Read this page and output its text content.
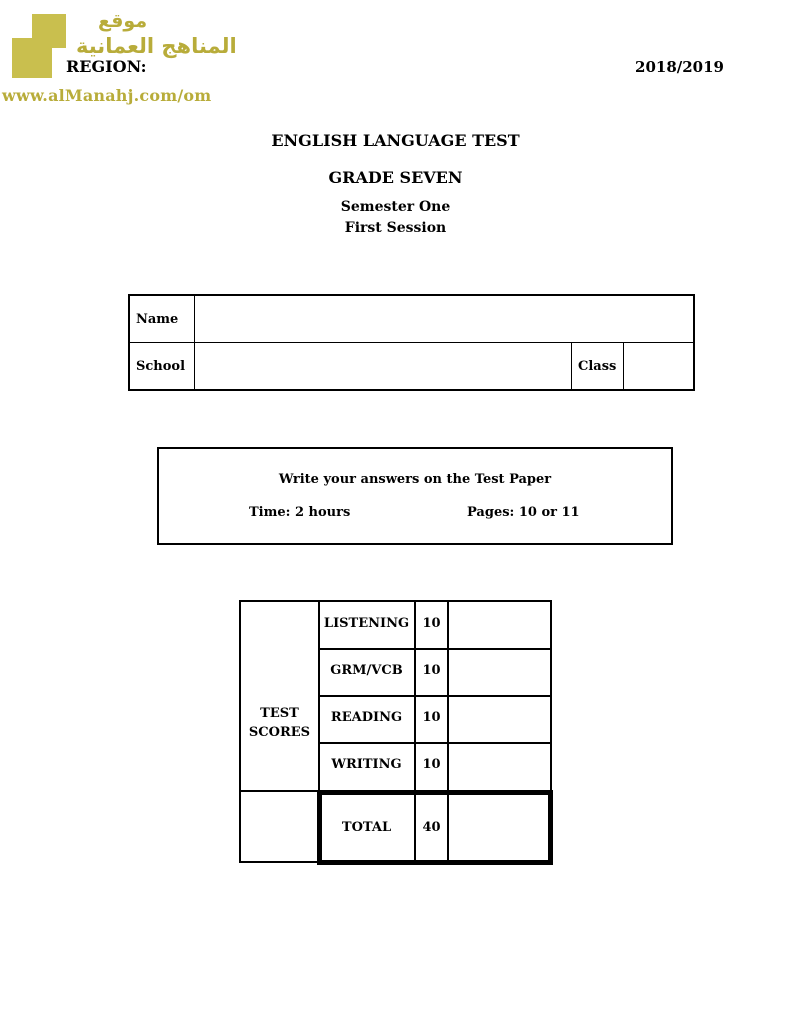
موقع
المناهج العمانية
www.alManahj.com/om
REGION:	2018/2019
ENGLISH LANGUAGE TEST
GRADE SEVEN
Semester One
First Session
Name
School	Class
Write your answers on the Test Paper
Time: 2 hours	Pages: 10 or 11
TEST
SCORES
LISTENING	10
GRM/VCB	10
READING	10
WRITING	10
TOTAL	40
